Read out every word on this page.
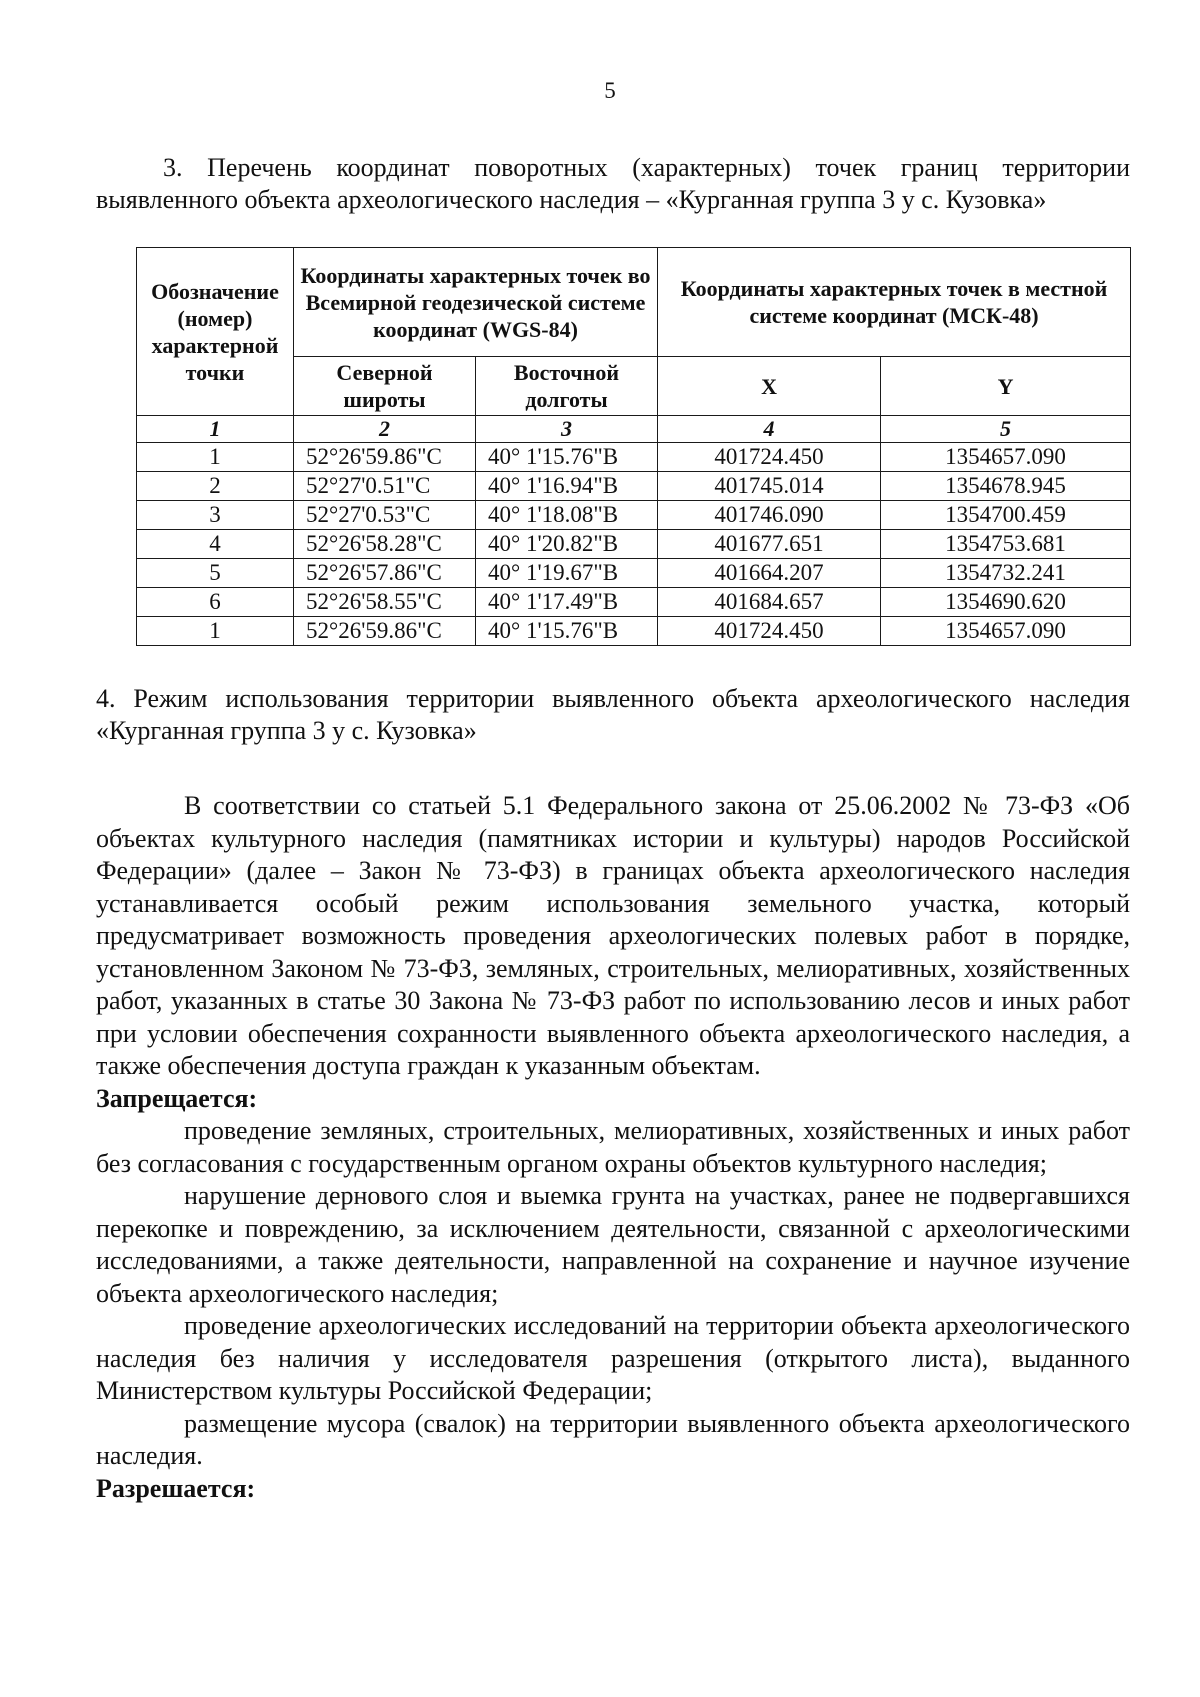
5

3. Перечень координат поворотных (характерных) точек границ территории выявленного объекта археологического наследия – «Курганная группа 3 у с. Кузовка»

Обозначение (номер) характерной точки	Координаты характерных точек во Всемирной геодезической системе координат (WGS-84)		Координаты характерных точек в местной системе координат (МСК-48)	
	Северной широты	Восточной долготы	X	Y
1	2	3	4	5
1	52°26'59.86"С	40° 1'15.76"В	401724.450	1354657.090
2	52°27'0.51"С	40° 1'16.94"В	401745.014	1354678.945
3	52°27'0.53"С	40° 1'18.08"В	401746.090	1354700.459
4	52°26'58.28"С	40° 1'20.82"В	401677.651	1354753.681
5	52°26'57.86"С	40° 1'19.67"В	401664.207	1354732.241
6	52°26'58.55"С	40° 1'17.49"В	401684.657	1354690.620
1	52°26'59.86"С	40° 1'15.76"В	401724.450	1354657.090

4. Режим использования территории выявленного объекта археологического наследия «Курганная группа 3 у с. Кузовка»

В соответствии со статьей 5.1 Федерального закона от 25.06.2002 № 73-ФЗ «Об объектах культурного наследия (памятниках истории и культуры) народов Российской Федерации» (далее – Закон № 73-ФЗ) в границах объекта археологического наследия устанавливается особый режим использования земельного участка, который предусматривает возможность проведения археологических полевых работ в порядке, установленном Законом № 73-ФЗ, земляных, строительных, мелиоративных, хозяйственных работ, указанных в статье 30 Закона № 73-ФЗ работ по использованию лесов и иных работ при условии обеспечения сохранности выявленного объекта археологического наследия, а также обеспечения доступа граждан к указанным объектам.

Запрещается:

проведение земляных, строительных, мелиоративных, хозяйственных и иных работ без согласования с государственным органом охраны объектов культурного наследия;

нарушение дернового слоя и выемка грунта на участках, ранее не подвергавшихся перекопке и повреждению, за исключением деятельности, связанной с археологическими исследованиями, а также деятельности, направленной на сохранение и научное изучение объекта археологического наследия;

проведение археологических исследований на территории объекта археологического наследия без наличия у исследователя разрешения (открытого листа), выданного Министерством культуры Российской Федерации;

размещение мусора (свалок) на территории выявленного объекта археологического наследия.

Разрешается:
